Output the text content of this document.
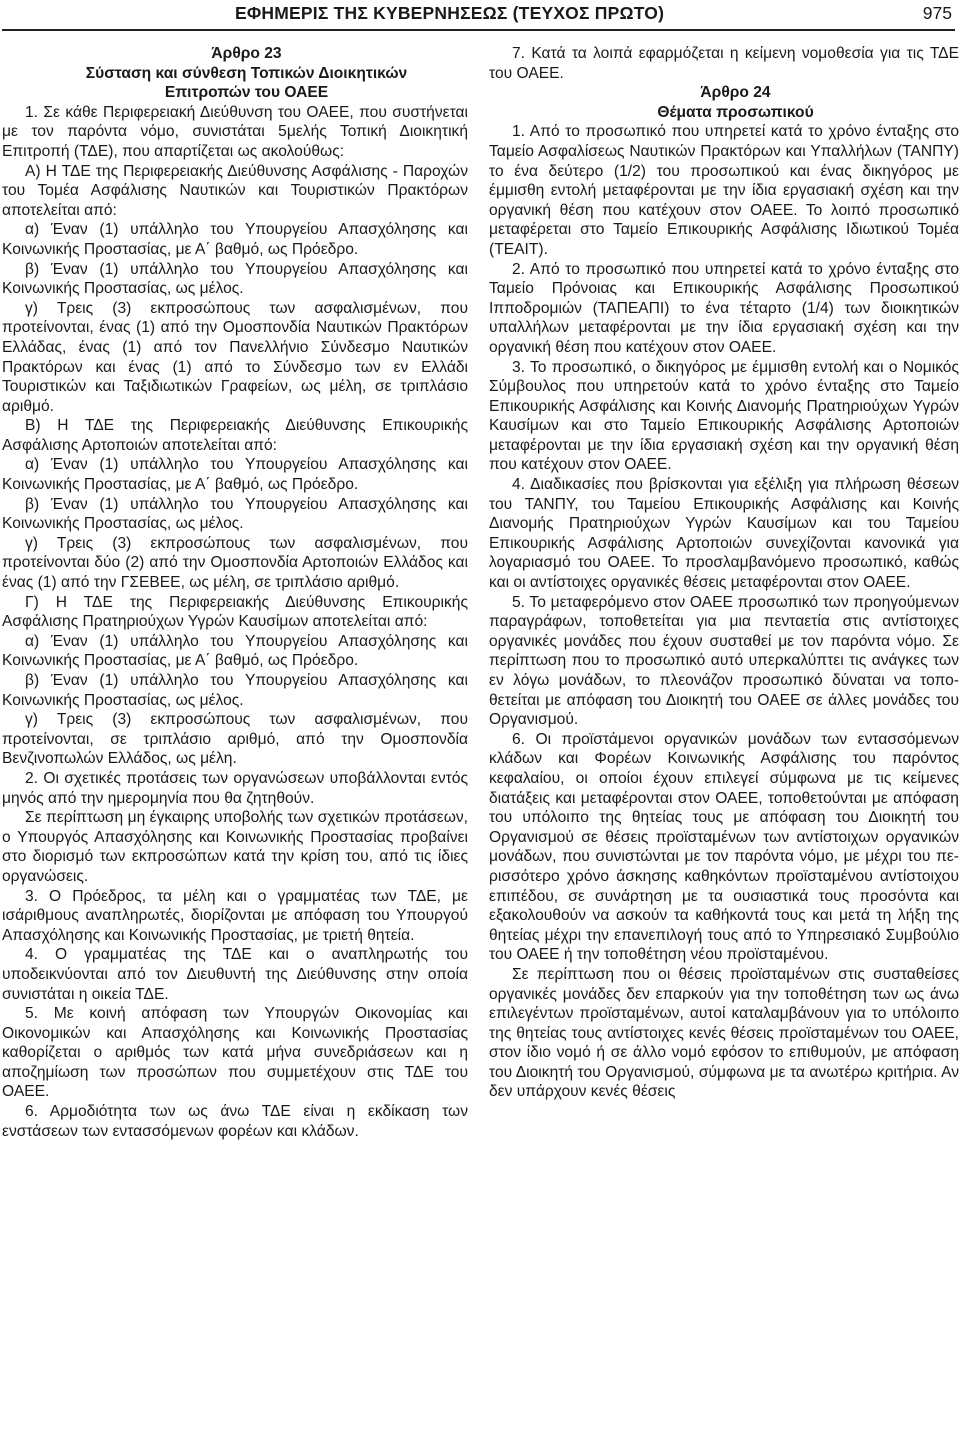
ΕΦΗΜΕΡΙΣ ΤΗΣ ΚΥΒΕΡΝΗΣΕΩΣ (ΤΕΥΧΟΣ ΠΡΩΤΟ)	975

Άρθρο 23

Σύσταση και σύνθεση Τοπικών Διοικητικών

Επιτροπών του ΟΑΕΕ

1. Σε κάθε Περιφερειακή Διεύθυνση του ΟΑΕΕ, που συστήνεται με τον παρόντα νόμο, συνιστάται 5μελής Τοπική Διοικητική Επιτροπή (ΤΔΕ), που απαρτίζεται ως ακολούθως:

Α) Η ΤΔΕ της Περιφερειακής Διεύθυνσης Ασφάλισης - Παροχών του Τομέα Ασφάλισης Ναυτικών και Τουριστικών Πρακτόρων αποτελείται από:

α) Έναν (1) υπάλληλο του Υπουργείου Απασχόλησης και Κοινωνικής Προστασίας, με Α΄ βαθμό, ως Πρόεδρο.

β) Έναν (1) υπάλληλο του Υπουργείου Απασχόλησης και Κοινωνικής Προστασίας, ως μέλος.

γ) Τρεις (3) εκπροσώπους των ασφαλισμένων, που προτείνονται, ένας (1) από την Ομοσπονδία Ναυτικών Πρακτόρων Ελλάδας, ένας (1) από τον Πανελλήνιο Σύνδεσμο Ναυτικών Πρακτόρων και ένας (1) από το Σύνδεσμο των εν Ελλάδι Τουριστικών και Ταξιδιωτικών Γραφείων, ως μέλη, σε τριπλάσιο αριθμό.

Β) Η ΤΔΕ της Περιφερειακής Διεύθυνσης Επικουρικής Ασφάλισης Αρτοποιών αποτελείται από:

α) Έναν (1) υπάλληλο του Υπουργείου Απασχόλησης και Κοινωνικής Προστασίας, με Α΄ βαθμό, ως Πρόεδρο.

β) Έναν (1) υπάλληλο του Υπουργείου Απασχόλησης και Κοινωνικής Προστασίας, ως μέλος.

γ) Τρεις (3) εκπροσώπους των ασφαλισμένων, που προτείνονται δύο (2) από την Ομοσπονδία Αρτοποιών Ελλάδος και ένας (1) από την ΓΣΕΒΕΕ, ως μέλη, σε τριπλάσιο αριθμό.

Γ) Η ΤΔΕ της Περιφερειακής Διεύθυνσης Επικουρικής Ασφάλισης Πρατηριούχων Υγρών Καυσίμων αποτελείται από:

α) Έναν (1) υπάλληλο του Υπουργείου Απασχόλησης και Κοινωνικής Προστασίας, με Α΄ βαθμό, ως Πρόεδρο.

β) Έναν (1) υπάλληλο του Υπουργείου Απασχόλησης και Κοινωνικής Προστασίας, ως μέλος.

γ) Τρεις (3) εκπροσώπους των ασφαλισμένων, που προτείνονται, σε τριπλάσιο αριθμό, από την Ομοσπονδία Βενζινοπωλών Ελλάδος, ως μέλη.

2. Οι σχετικές προτάσεις των οργανώσεων υποβάλλονται εντός μηνός από την ημερομηνία που θα ζητηθούν.

Σε περίπτωση μη έγκαιρης υποβολής των σχετικών προτάσεων, ο Υπουργός Απασχόλησης και Κοινωνικής Προστασίας προβαίνει στο διορισμό των εκπροσώπων κατά την κρίση του, από τις ίδιες οργανώσεις.

3. Ο Πρόεδρος, τα μέλη και ο γραμματέας των ΤΔΕ, με ισάριθμους αναπληρωτές, διορίζονται με απόφαση του Υπουργού Απασχόλησης και Κοινωνικής Προστασίας, με τριετή θητεία.

4. Ο γραμματέας της ΤΔΕ και ο αναπληρωτής του υποδεικνύονται από τον Διευθυντή της Διεύθυνσης στην οποία συνιστάται η οικεία ΤΔΕ.

5. Με κοινή απόφαση των Υπουργών Οικονομίας και Οικονομικών και Απασχόλησης και Κοινωνικής Προστασίας καθορίζεται ο αριθμός των κατά μήνα συνεδριάσεων και η αποζημίωση των προσώπων που συμμετέχουν στις ΤΔΕ του ΟΑΕΕ.

6. Αρμοδιότητα των ως άνω ΤΔΕ είναι η εκδίκαση των ενστάσεων των εντασσόμενων φορέων και κλάδων.

7. Κατά τα λοιπά εφαρμόζεται η κείμενη νομοθεσία για τις ΤΔΕ του ΟΑΕΕ.

Άρθρο 24

Θέματα προσωπικού

1. Από το προσωπικό που υπηρετεί κατά το χρόνο ένταξης στο Ταμείο Ασφαλίσεως Ναυτικών Πρακτόρων και Υπαλλήλων (ΤΑΝΠΥ) το ένα δεύτερο (1/2) του προσωπικού και ένας δικηγόρος με έμμισθη εντολή μεταφέρονται με την ίδια εργασιακή σχέση και την οργανική θέση που κατέχουν στον ΟΑΕΕ. Το λοιπό προσωπικό μεταφέρεται στο Ταμείο Επικουρικής Ασφάλισης Ιδιωτικού Τομέα (ΤΕΑΙΤ).

2. Από το προσωπικό που υπηρετεί κατά το χρόνο ένταξης στο Ταμείο Πρόνοιας και Επικουρικής Ασφάλισης Προσωπικού Ιπποδρομιών (ΤΑΠΕΑΠΙ) το ένα τέταρτο (1/4) των διοικητικών υπαλλήλων μεταφέρονται με την ίδια εργασιακή σχέση και την οργανική θέση που κατέχουν στον ΟΑΕΕ.

3. Το προσωπικό, ο δικηγόρος με έμμισθη εντολή και ο Νομικός Σύμβουλος που υπηρετούν κατά το χρόνο ένταξης στο Ταμείο Επικουρικής Ασφάλισης και Κοινής Διανομής Πρατηριούχων Υγρών Καυσίμων και στο Ταμείο Επικουρικής Ασφάλισης Αρτοποιών μεταφέρονται με την ίδια εργασιακή σχέση και την οργανική θέση που κατέχουν στον ΟΑΕΕ.

4. Διαδικασίες που βρίσκονται για εξέλιξη για πλήρωση θέσεων του ΤΑΝΠΥ, του Ταμείου Επικουρικής Ασφάλισης και Κοινής Διανομής Πρατηριούχων Υγρών Καυσίμων και του Ταμείου Επικουρικής Ασφάλισης Αρτοποιών συνεχίζονται κανονικά για λογαριασμό του ΟΑΕΕ. Το προσλαμβανόμενο προσωπικό, καθώς και οι αντίστοιχες οργανικές θέσεις μεταφέρονται στον ΟΑΕΕ.

5. Το μεταφερόμενο στον ΟΑΕΕ προσωπικό των προηγούμενων παραγράφων, τοποθετείται για μια πενταετία στις αντίστοιχες οργανικές μονάδες που έχουν συσταθεί με τον παρόντα νόμο. Σε περίπτωση που το προσωπικό αυτό υπερκαλύπτει τις ανάγκες των εν λόγω μονάδων, το πλεονάζον προσωπικό δύναται να τοποθετείται με απόφαση του Διοικητή του ΟΑΕΕ σε άλλες μονάδες του Οργανισμού.

6. Οι προϊστάμενοι οργανικών μονάδων των εντασσόμενων κλάδων και Φορέων Κοινωνικής Ασφάλισης του παρόντος κεφαλαίου, οι οποίοι έχουν επιλεγεί σύμφωνα με τις κείμενες διατάξεις και μεταφέρονται στον ΟΑΕΕ, τοποθετούνται με απόφαση του υπόλοιπο της θητείας τους με απόφαση του Διοικητή του Οργανισμού σε θέσεις προϊσταμένων των αντίστοιχων οργανικών μονάδων, που συνιστώνται με τον παρόντα νόμο, με μέχρι του περισσότερο χρόνο άσκησης καθηκόντων προϊσταμένου αντίστοιχου επιπέδου, σε συνάρτηση με τα ουσιαστικά τους προσόντα και εξακολουθούν να ασκούν τα καθήκοντά τους και μετά τη λήξη της θητείας μέχρι την επανεπιλογή τους από το Υπηρεσιακό Συμβούλιο του ΟΑΕΕ ή την τοποθέτηση νέου προϊσταμένου.

Σε περίπτωση που οι θέσεις προϊσταμένων στις συσταθείσες οργανικές μονάδες δεν επαρκούν για την τοποθέτηση των ως άνω επιλεγέντων προϊσταμένων, αυτοί καταλαμβάνουν για το υπόλοιπο της θητείας τους αντίστοιχες κενές θέσεις προϊσταμένων του ΟΑΕΕ, στον ίδιο νομό ή σε άλλο νομό εφόσον το επιθυμούν, με απόφαση του Διοικητή του Οργανισμού, σύμφωνα με τα ανωτέρω κριτήρια. Αν δεν υπάρχουν κενές θέσεις
